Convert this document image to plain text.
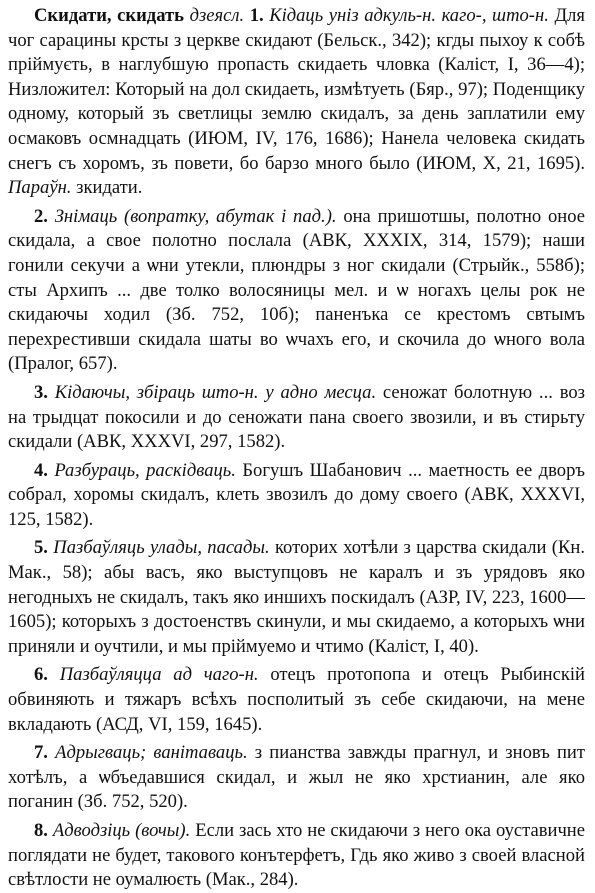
Скидати, скидать дзеясл. 1. Кідаць уніз адкуль-н. каго-, што-н. Для чог сарацины крсты з церкве скидают (Бельск., 342); кгды пыхоу к собѣ пріймуєть, в наглубшую пропасть скидаеть чловка (Каліст, І, 36—4); Низложител: Который на дол скидаеть, измѣтуеть (Бяр., 97); Поденщику одному, который зъ светлицы землю скидалъ, за день заплатили ему осмаковъ осмнадцать (ИЮМ, IV, 176, 1686); Нанела человека скидать снегъ съ хоромъ, зъ повети, бо барзо много было (ИЮМ, X, 21, 1695). Параўн. зкидати.

2. Знімаць (вопратку, абутак і пад.). она пришотшы, полотно оное скидала, а свое полотно послала (АВК, XXXIX, 314, 1579); наши гонили секучи а ѡни утекли, плюндры з ног скидали (Стрыйк., 558б); сты Архипъ ... две толко волосяницы мел. и ѡ ногахъ целы рок не скидаючы ходил (Зб. 752, 10б); паненъка се крестомъ свтымъ перехрестивши скидала шаты во ѡчахъ его, и скочила до ѡного вола (Пралог, 657).

3. Кідаючы, збіраць што-н. у адно месца. сеножат болотную ... воз на трыдцат покосили и до сеножати пана своего звозили, и въ стирьту скидали (АВК, XXXVI, 297, 1582).

4. Разбураць, раскідваць. Богушъ Шабанович ... маетность ее дворъ собрал, хоромы скидалъ, клеть звозилъ до дому своего (АВК, XXXVI, 125, 1582).

5. Пазбаўляць улады, пасады. которих хотѣли з царства скидали (Кн. Мак., 58); абы васъ, яко выступцовъ не каралъ и зъ урядовъ яко негодныхъ не скидалъ, такъ яко иншихъ поскидалъ (АЗР, IV, 223, 1600—1605); которыхъ з достоенствъ скинули, и мы скидаемо, а которыхъ ѡни приняли и оучтили, и мы пріймуемо и чтимо (Каліст, І, 40).

6. Пазбаўляцца ад чаго-н. отецъ протопопа и отецъ Рыбинскій обвиняють и тяжаръ всѣхъ посполитый зъ себе скидаючи, на мене вкладають (АСД, VI, 159, 1645).

7. Адрыгваць; ванітаваць. з пианства завжды прагнул, и зновъ пит хотѣлъ, а ѡбъедавшися скидал, и жыл не яко хрстианин, але яко поганин (Зб. 752, 520).

8. Адводзіць (вочы). Если зась хто не скидаючи з него ока оуставичне поглядати не будет, такового конътерфетъ, Гдь яко живо з своей власной свѣтлости не оумалюєть (Мак., 284).
